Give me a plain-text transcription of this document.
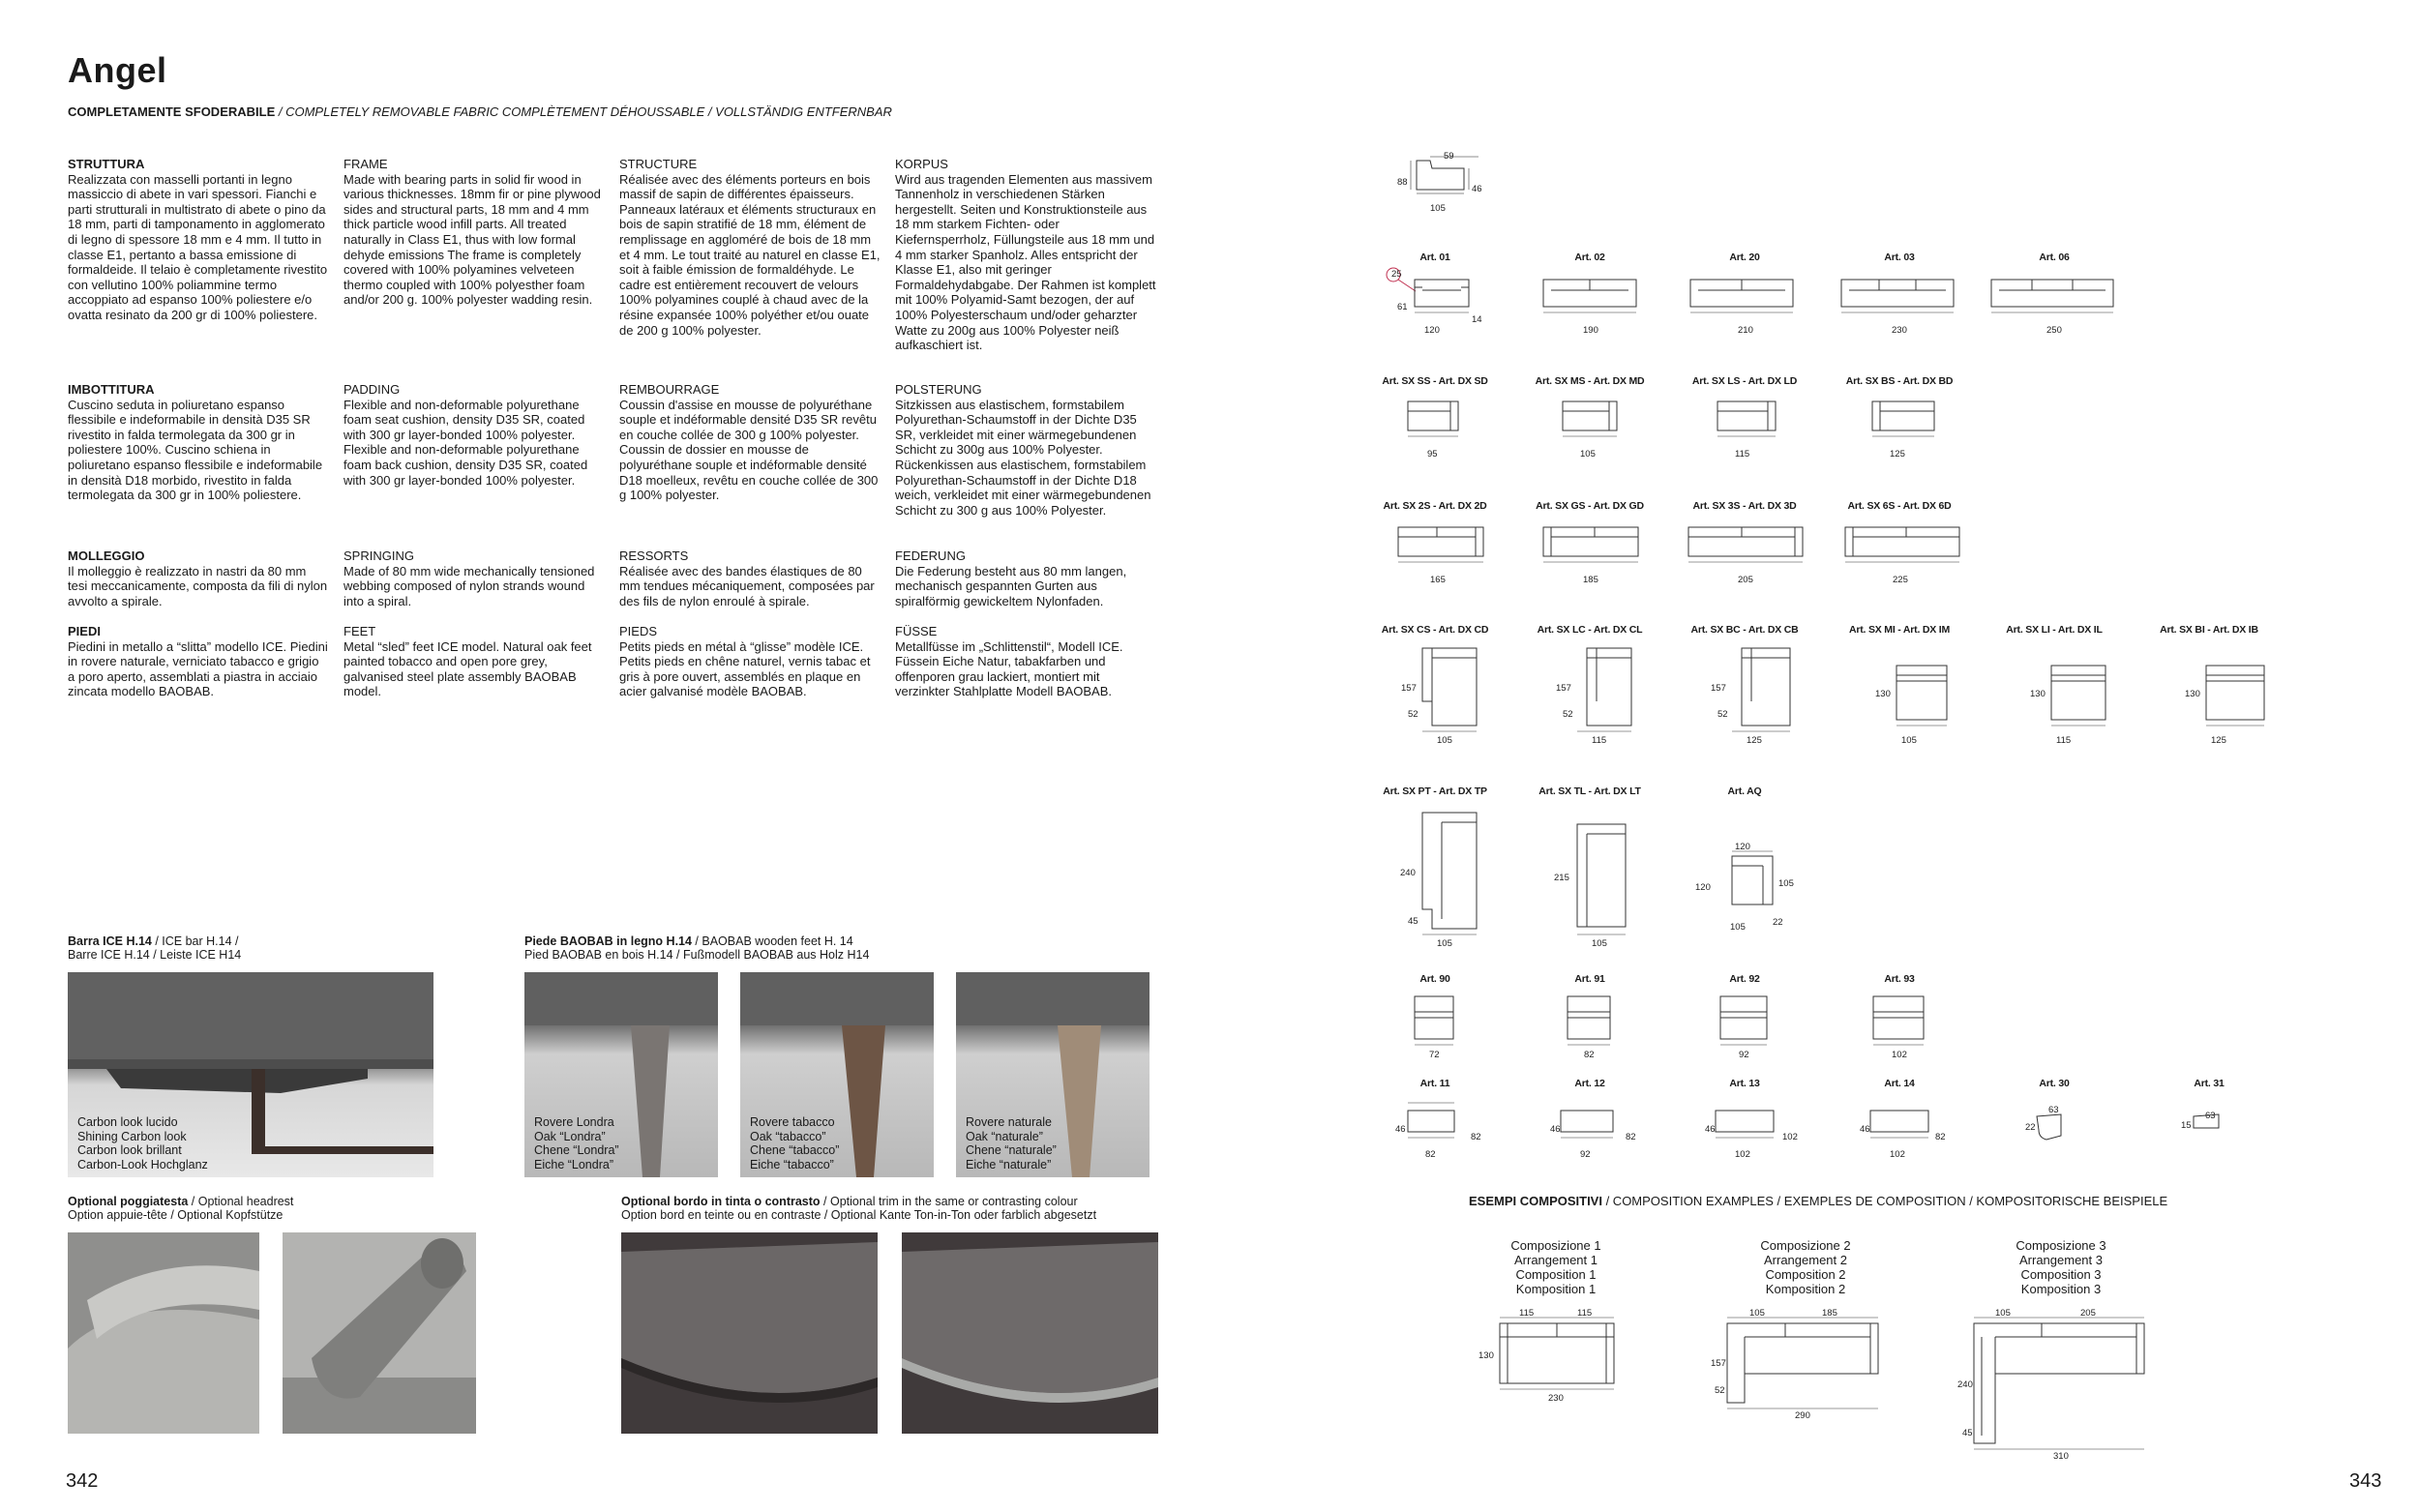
Angel
COMPLETAMENTE SFODERABILE / COMPLETELY REMOVABLE FABRIC COMPLÈTEMENT DÉHOUSSABLE / VOLLSTÄNDIG ENTFERNBAR
STRUTTURA
Realizzata con masselli portanti in legno massiccio di abete in vari spessori. Fianchi e parti strutturali in multistrato di abete o pino da 18 mm, parti di tamponamento in agglomerato di legno di spessore 18 mm e 4 mm. Il tutto in classe E1, pertanto a bassa emissione di formaldeide. Il telaio è completamente rivestito con vellutino 100% poliammine termo accoppiato ad espanso 100% poliestere e/o ovatta resinato da 200 gr di 100% poliestere.
FRAME
Made with bearing parts in solid fir wood in various thicknesses. 18mm fir or pine plywood sides and structural parts, 18 mm and 4 mm thick particle wood infill parts. All treated naturally in Class E1, thus with low formal dehyde emissions The frame is completely covered with 100% polyamines velveteen thermo coupled with 100% polyesther foam and/or 200 g. 100% polyester wadding resin.
STRUCTURE
Réalisée avec des éléments porteurs en bois massif de sapin de différentes épaisseurs. Panneaux latéraux et éléments structuraux en bois de sapin stratifié de 18 mm, élément de remplissage en aggloméré de bois de 18 mm et 4 mm. Le tout traité au naturel en classe E1, soit à faible émission de formaldéhyde. Le cadre est entièrement recouvert de velours 100% polyamines couplé à chaud avec de la résine expansée 100% polyéther et/ou ouate de 200 g 100% polyester.
KORPUS
Wird aus tragenden Elementen aus massivem Tannenholz in verschiedenen Stärken hergestellt. Seiten und Konstruktionsteile aus 18 mm starkem Fichten- oder Kiefernsperrholz, Füllungsteile aus 18 mm und 4 mm starker Spanholz. Alles entspricht der Klasse E1, also mit geringer Formaldehydabgabe. Der Rahmen ist komplett mit 100% Polyamid-Samt bezogen, der auf 100% Polyesterschaum und/oder geharzter Watte zu 200g aus 100% Polyester neiß aufkaschiert ist.
IMBOTTITURA
Cuscino seduta in poliuretano espanso flessibile e indeformabile in densità D35 SR rivestito in falda termolegata da 300 gr in poliestere 100%. Cuscino schiena in poliuretano espanso flessibile e indeformabile in densità D18 morbido, rivestito in falda termolegata da 300 gr in 100% poliestere.
PADDING
Flexible and non-deformable polyurethane foam seat cushion, density D35 SR, coated with 300 gr layer-bonded 100% polyester. Flexible and non-deformable polyurethane foam back cushion, density D35 SR, coated with 300 gr layer-bonded 100% polyester.
REMBOURRAGE
Coussin d'assise en mousse de polyuréthane souple et indéformable densité D35 SR revêtu en couche collée de 300 g 100% polyester. Coussin de dossier en mousse de polyuréthane souple et indéformable densité D18 moelleux, revêtu en couche collée de 300 g 100% polyester.
POLSTERUNG
Sitzkissen aus elastischem, formstabilem Polyurethan-Schaumstoff in der Dichte D35 SR, verkleidet mit einer wärmegebundenen Schicht zu 300g aus 100% Polyester. Rückenkissen aus elastischem, formstabilem Polyurethan-Schaumstoff in der Dichte D18 weich, verkleidet mit einer wärmegebundenen Schicht zu 300 g aus 100% Polyester.
MOLLEGGIO
Il molleggio è realizzato in nastri da 80 mm tesi meccanicamente, composta da fili di nylon avvolto a spirale.
SPRINGING
Made of 80 mm wide mechanically tensioned webbing composed of nylon strands wound into a spiral.
RESSORTS
Réalisée avec des bandes élastiques de 80 mm tendues mécaniquement, composées par des fils de nylon enroulé à spirale.
FEDERUNG
Die Federung besteht aus 80 mm langen, mechanisch gespannten Gurten aus spiralförmig gewickeltem Nylonfaden.
PIEDI
Piedini in metallo a “slitta” modello ICE. Piedini in rovere naturale, verniciato tabacco e grigio a poro aperto, assemblati a piastra in acciaio zincata modello BAOBAB.
FEET
Metal “sled” feet ICE model. Natural oak feet painted tobacco and open pore grey, galvanised steel plate assembly BAOBAB model.
PIEDS
Petits pieds en métal à “glisse” modèle ICE. Petits pieds en chêne naturel, vernis tabac et gris à pore ouvert, assemblés en plaque en acier galvanisé modèle BAOBAB.
FÜSSE
Metallfüsse im „Schlittenstil“, Modell ICE. Füssein Eiche Natur, tabakfarben und offenporen grau lackiert, montiert mit verzinkter Stahlplatte Modell BAOBAB.
Barra ICE H.14 / ICE bar H.14 /
Barre ICE H.14 / Leiste ICE H14
Carbon look lucido
Shining Carbon look
Carbon look brillant
Carbon-Look Hochglanz
Piede BAOBAB in legno H.14 / BAOBAB wooden feet H. 14
Pied BAOBAB en bois H.14 / Fußmodell BAOBAB aus Holz H14
Rovere Londra
Oak “Londra”
Chene “Londra”
Eiche “Londra”
Rovere tabacco
Oak “tabacco”
Chene “tabacco”
Eiche “tabacco”
Rovere naturale
Oak “naturale”
Chene “naturale”
Eiche “naturale”
Optional poggiatesta / Optional headrest
Option appuie-tête / Optional Kopfstütze
Optional bordo in tinta o contrasto / Optional trim in the same or contrasting colour
Option bord en teinte ou en contraste / Optional Kante Ton-in-Ton oder farblich abgesetzt
342	343
59
88
46
105
Art. 01	Art. 02	Art. 20	Art. 03	Art. 06
25
61
14
120	190	210	230	250
Art. SX SS - Art. DX SD	Art. SX MS - Art. DX MD	Art. SX LS - Art. DX LD	Art. SX BS - Art. DX BD
95	105	115	125
Art. SX 2S - Art. DX 2D	Art. SX GS - Art. DX GD	Art. SX 3S - Art. DX 3D	Art. SX 6S - Art. DX 6D
165	185	205	225
Art. SX CS - Art. DX CD	Art. SX LC - Art. DX CL	Art. SX BC - Art. DX CB	Art. SX MI - Art. DX IM	Art. SX LI - Art. DX IL	Art. SX BI - Art. DX IB
157	157	157
130	130	130
52	52	52
105	115	125	105	115	125
Art. SX PT - Art. DX TP	Art. SX TL - Art. DX LT	Art. AQ
240
45
105
215
105
120
120	105
105	22
Art. 90	Art. 91	Art. 92	Art. 93
72	82	92	102
Art. 11	Art. 12	Art. 13	Art. 14	Art. 30	Art. 31
46
82
46
82
46
102
46
82
82	92	102	102
63
22
63
15
ESEMPI COMPOSITIVI / COMPOSITION EXAMPLES / EXEMPLES DE COMPOSITION / KOMPOSITORISCHE BEISPIELE
Composizione 1
Arrangement 1
Composition 1
Komposition 1
Composizione 2
Arrangement 2
Composition 2
Komposition 2
Composizione 3
Arrangement 3
Composition 3
Komposition 3
115	115
130
230
105	185
157
52
290
105	205
240
45
310
